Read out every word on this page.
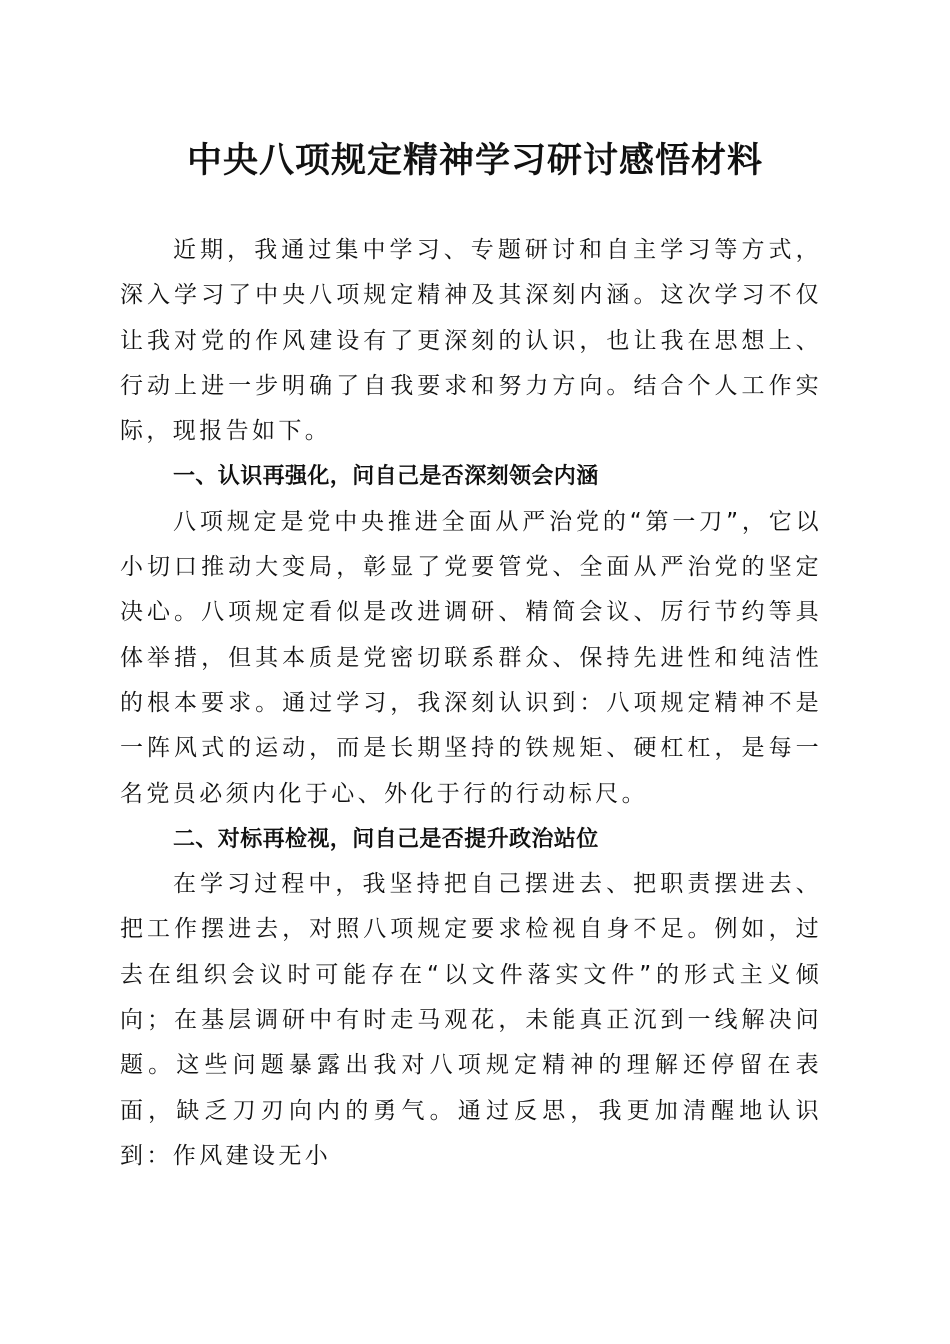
中央八项规定精神学习研讨感悟材料

近期，我通过集中学习、专题研讨和自主学习等方式，深入学习了中央八项规定精神及其深刻内涵。这次学习不仅让我对党的作风建设有了更深刻的认识，也让我在思想上、行动上进一步明确了自我要求和努力方向。结合个人工作实际，现报告如下。

一、认识再强化，问自己是否深刻领会内涵

八项规定是党中央推进全面从严治党的“第一刀”，它以小切口推动大变局，彰显了党要管党、全面从严治党的坚定决心。八项规定看似是改进调研、精简会议、厉行节约等具体举措，但其本质是党密切联系群众、保持先进性和纯洁性的根本要求。通过学习，我深刻认识到：八项规定精神不是一阵风式的运动，而是长期坚持的铁规矩、硬杠杠，是每一名党员必须内化于心、外化于行的行动标尺。

二、对标再检视，问自己是否提升政治站位

在学习过程中，我坚持把自己摆进去、把职责摆进去、把工作摆进去，对照八项规定要求检视自身不足。例如，过去在组织会议时可能存在“以文件落实文件”的形式主义倾向；在基层调研中有时走马观花，未能真正沉到一线解决问题。这些问题暴露出我对八项规定精神的理解还停留在表面，缺乏刀刃向内的勇气。通过反思，我更加清醒地认识到：作风建设无小
